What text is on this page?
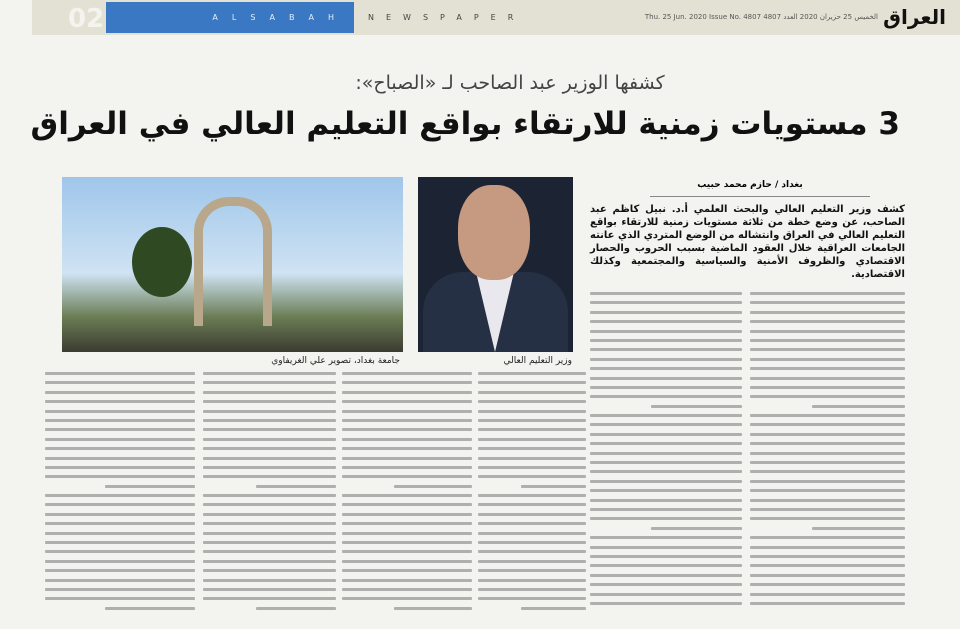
02	ALSABAH	NEWSPAPER	الخميس 25 حزيران 2020 العدد 4807 Thu. 25 Jun. 2020 Issue No. 4807 العراق
كشفها الوزير عبد الصاحب لـ «الصباح»:
3 مستويات زمنية للارتقاء بواقع التعليم العالي في العراق
جامعة بغداد، تصوير علي الغريفاوي	وزير التعليم العالي
بغداد / حازم محمد حبيب
كشف وزير التعليم العالي والبحث العلمي أ.د. نبيل كاظم عبد الصاحب، عن وضع خطة من ثلاثة مستويات زمنية للارتقاء بواقع التعليم العالي في العراق وانتشاله من الوضع المتردي الذي عانته الجامعات العراقية خلال العقود الماضية بسبب الحروب والحصار الاقتصادي والظروف الأمنية والسياسية والمجتمعية وكذلك الاقتصادية.
